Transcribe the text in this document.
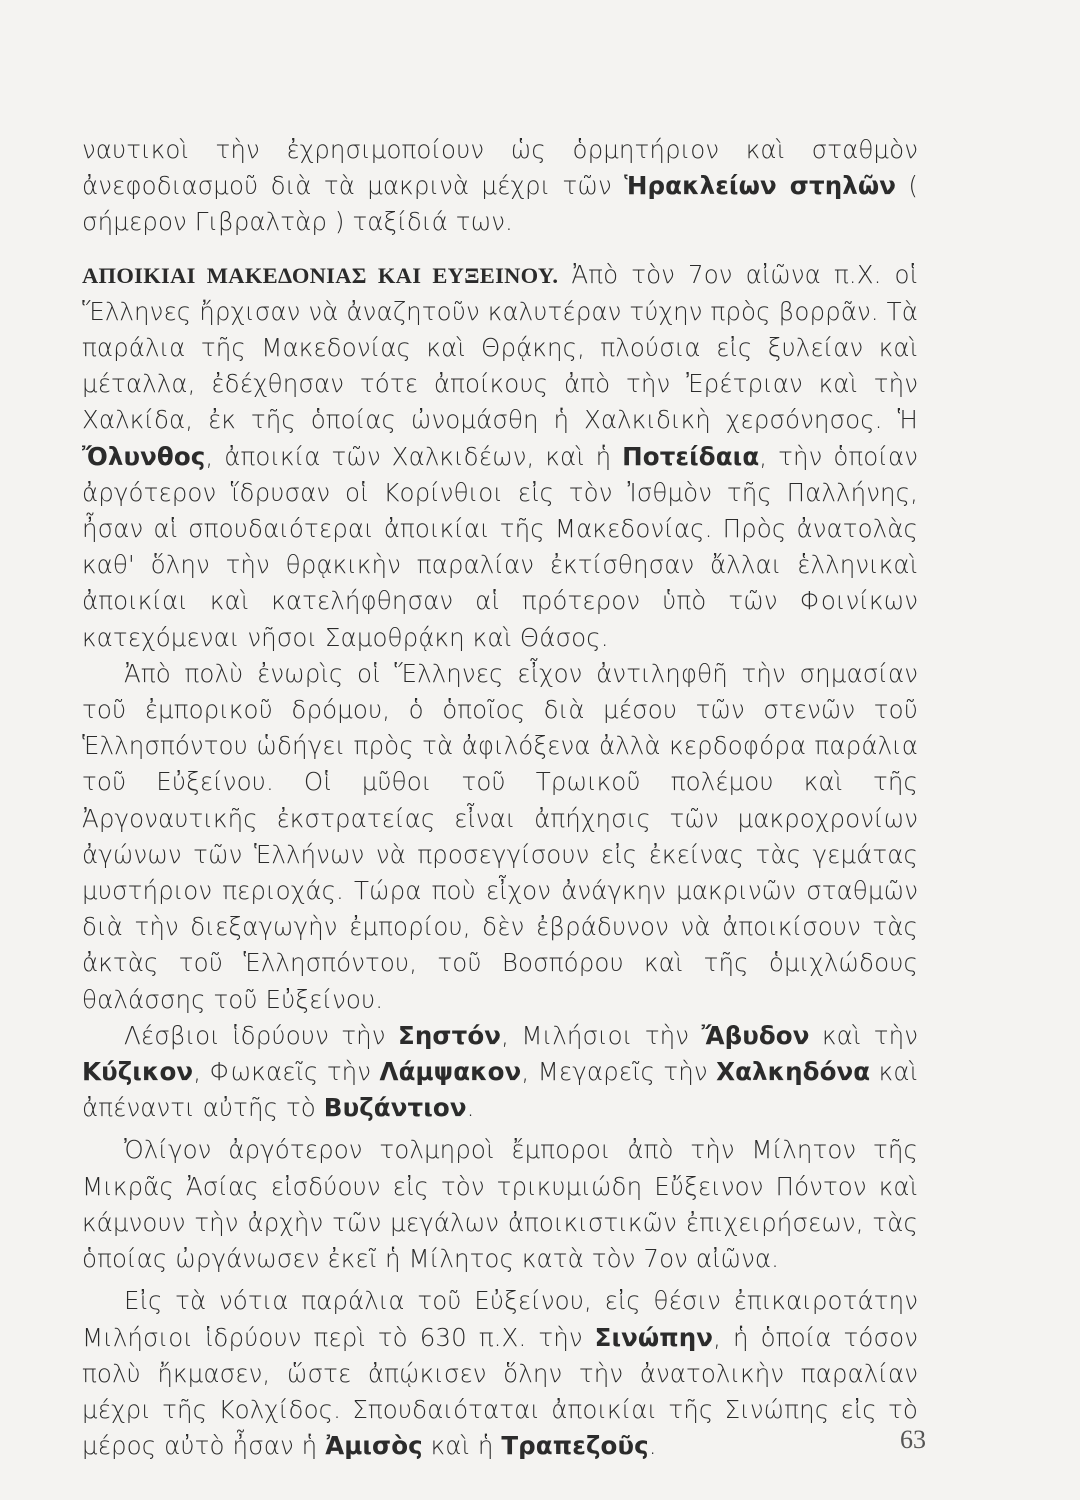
ναυτικοὶ τὴν ἐχρησιμοποίουν ὡς ὁρμητήριον καὶ σταθμὸν ἀνεφοδιασμοῦ διὰ τὰ μακρινὰ μέχρι τῶν Ἡρακλείων στηλῶν ( σήμερον Γιβραλτὰρ ) ταξίδιά των.

ΑΠΟΙΚΙΑΙ ΜΑΚΕΔΟΝΙΑΣ ΚΑΙ ΕΥΞΕΙΝΟΥ. Ἀπὸ τὸν 7ον αἰῶνα π.Χ. οἱ Ἕλληνες ἤρχισαν νὰ ἀναζητοῦν καλυτέραν τύχην πρὸς βορρᾶν. Τὰ παράλια τῆς Μακεδονίας καὶ Θρᾴκης, πλούσια εἰς ξυλείαν καὶ μέταλλα, ἐδέχθησαν τότε ἀποίκους ἀπὸ τὴν Ἐρέτριαν καὶ τὴν Χαλκίδα, ἐκ τῆς ὁποίας ὠνομάσθη ἡ Χαλκιδικὴ χερσόνησος. Ἡ Ὄλυνθος, ἀποικία τῶν Χαλκιδέων, καὶ ἡ Ποτείδαια, τὴν ὁποίαν ἀργότερον ἵδρυσαν οἱ Κορίνθιοι εἰς τὸν Ἰσθμὸν τῆς Παλλήνης, ἦσαν αἱ σπουδαιότεραι ἀποικίαι τῆς Μακεδονίας. Πρὸς ἀνατολὰς καθ' ὅλην τὴν θρᾳκικὴν παραλίαν ἐκτίσθησαν ἄλλαι ἑλληνικαὶ ἀποικίαι καὶ κατελήφθησαν αἱ πρότερον ὑπὸ τῶν Φοινίκων κατεχόμεναι νῆσοι Σαμοθρᾴκη καὶ Θάσος.

Ἀπὸ πολὺ ἐνωρὶς οἱ Ἕλληνες εἶχον ἀντιληφθῆ τὴν σημασίαν τοῦ ἐμπορικοῦ δρόμου, ὁ ὁποῖος διὰ μέσου τῶν στενῶν τοῦ Ἑλλησπόντου ὡδήγει πρὸς τὰ ἀφιλόξενα ἀλλὰ κερδοφόρα παράλια τοῦ Εὐξείνου. Οἱ μῦθοι τοῦ Τρωικοῦ πολέμου καὶ τῆς Ἀργοναυτικῆς ἐκστρατείας εἶναι ἀπήχησις τῶν μακροχρονίων ἀγώνων τῶν Ἑλλήνων νὰ προσεγγίσουν εἰς ἐκείνας τὰς γεμάτας μυστήριον περιοχάς. Τώρα ποὺ εἶχον ἀνάγκην μακρινῶν σταθμῶν διὰ τὴν διεξαγωγὴν ἐμπορίου, δὲν ἐβράδυνον νὰ ἀποικίσουν τὰς ἀκτὰς τοῦ Ἑλλησπόντου, τοῦ Βοσπόρου καὶ τῆς ὁμιχλώδους θαλάσσης τοῦ Εὐξείνου.

Λέσβιοι ἱδρύουν τὴν Σηστόν, Μιλήσιοι τὴν Ἄβυδον καὶ τὴν Κύζικον, Φωκαεῖς τὴν Λάμψακον, Μεγαρεῖς τὴν Χαλκηδόνα καὶ ἀπέναντι αὐτῆς τὸ Βυζάντιον.

Ὀλίγον ἀργότερον τολμηροὶ ἔμποροι ἀπὸ τὴν Μίλητον τῆς Μικρᾶς Ἀσίας εἰσδύουν εἰς τὸν τρικυμιώδη Εὔξεινον Πόντον καὶ κάμνουν τὴν ἀρχὴν τῶν μεγάλων ἀποικιστικῶν ἐπιχειρήσεων, τὰς ὁποίας ὠργάνωσεν ἐκεῖ ἡ Μίλητος κατὰ τὸν 7ον αἰῶνα.

Εἰς τὰ νότια παράλια τοῦ Εὐξείνου, εἰς θέσιν ἐπικαιροτάτην Μιλήσιοι ἱδρύουν περὶ τὸ 630 π.Χ. τὴν Σινώπην, ἡ ὁποία τόσον πολὺ ἤκμασεν, ὥστε ἀπῴκισεν ὅλην τὴν ἀνατολικὴν παραλίαν μέχρι τῆς Κολχίδος. Σπουδαιόταται ἀποικίαι τῆς Σινώπης εἰς τὸ μέρος αὐτὸ ἦσαν ἡ Ἀμισὸς καὶ ἡ Τραπεζοῦς.	63
